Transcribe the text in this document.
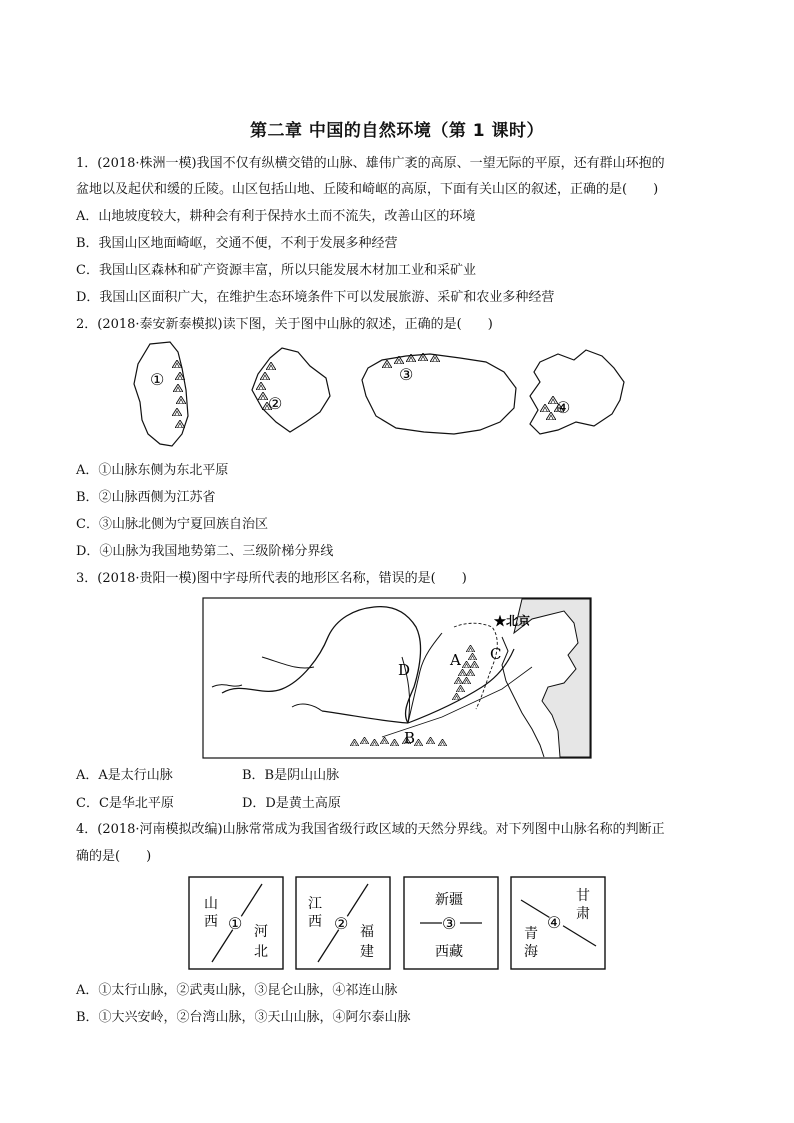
第二章 中国的自然环境（第 1 课时）
1．(2018·株洲一模)我国不仅有纵横交错的山脉、雄伟广袤的高原、一望无际的平原，还有群山环抱的
盆地以及起伏和缓的丘陵。山区包括山地、丘陵和崎岖的高原，下面有关山区的叙述，正确的是(　　)
A．山地坡度较大，耕种会有利于保持水土而不流失，改善山区的环境
B．我国山区地面崎岖，交通不便，不利于发展多种经营
C．我国山区森林和矿产资源丰富，所以只能发展木材加工业和采矿业
D．我国山区面积广大，在维护生态环境条件下可以发展旅游、采矿和农业多种经营
2．(2018·泰安新泰模拟)读下图，关于图中山脉的叙述，正确的是(　　)
①
②
③
④
A．①山脉东侧为东北平原
B．②山脉西侧为江苏省
C．③山脉北侧为宁夏回族自治区
D．④山脉为我国地势第二、三级阶梯分界线
3．(2018·贵阳一模)图中字母所代表的地形区名称，错误的是(　　)
★北京
A
B
C
D
A．A是太行山脉	B．B是阴山山脉
C．C是华北平原	D．D是黄土高原
4．(2018·河南模拟改编)山脉常常成为我国省级行政区域的天然分界线。对下列图中山脉名称的判断正
确的是(　　)
①
山
西
河
北
②
江
西
福
建
③
新疆
西藏
④
甘
肃
青
海
A．①太行山脉，②武夷山脉，③昆仑山脉，④祁连山脉
B．①大兴安岭，②台湾山脉，③天山山脉，④阿尔泰山脉
